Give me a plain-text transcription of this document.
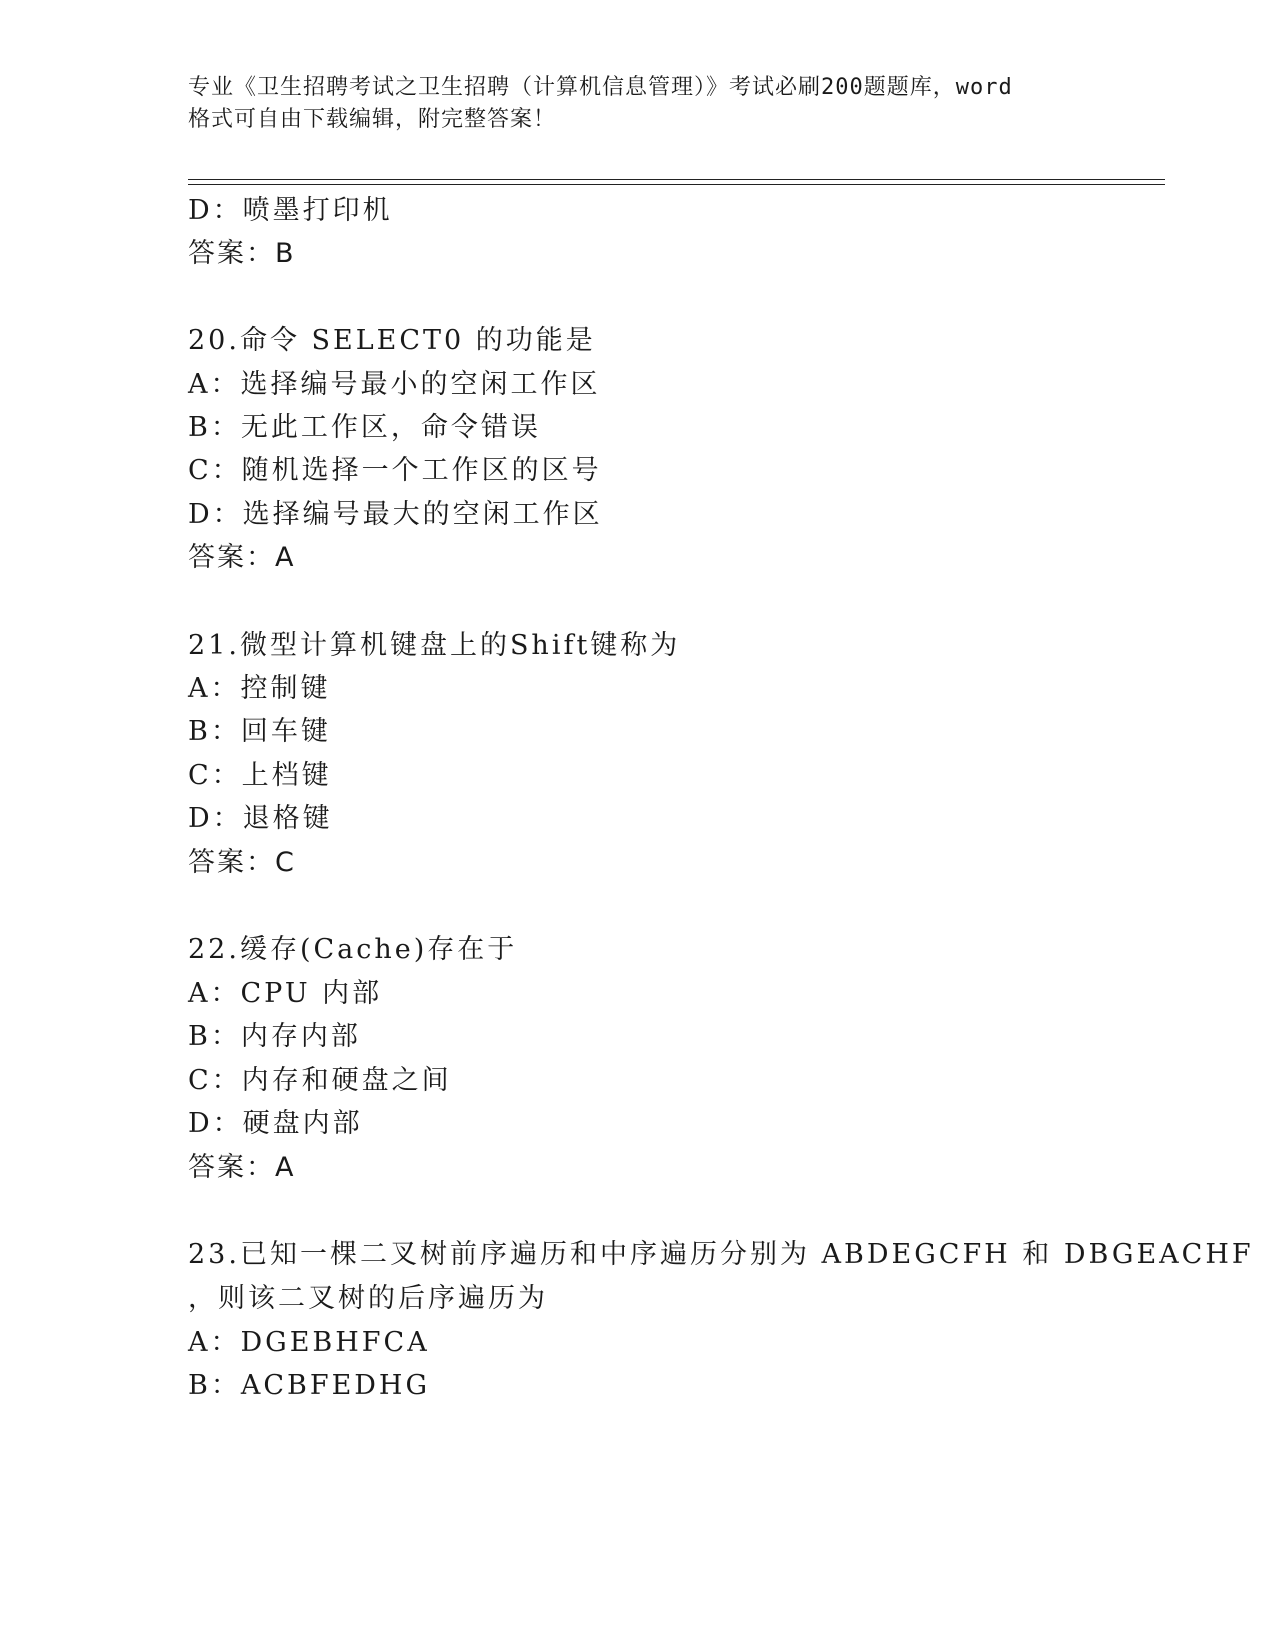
专业《卫生招聘考试之卫生招聘（计算机信息管理）》考试必刷200题题库，word
格式可自由下载编辑，附完整答案！
D：喷墨打印机
答案：B
20.命令 SELECT0 的功能是
A：选择编号最小的空闲工作区
B：无此工作区，命令错误
C：随机选择一个工作区的区号
D：选择编号最大的空闲工作区
答案：A
21.微型计算机键盘上的Shift键称为
A：控制键
B：回车键
C：上档键
D：退格键
答案：C
22.缓存(Cache)存在于
A：CPU 内部
B：内存内部
C：内存和硬盘之间
D：硬盘内部
答案：A
23.已知一棵二叉树前序遍历和中序遍历分别为 ABDEGCFH 和 DBGEACHF
，则该二叉树的后序遍历为
A：DGEBHFCA
B：ACBFEDHG
